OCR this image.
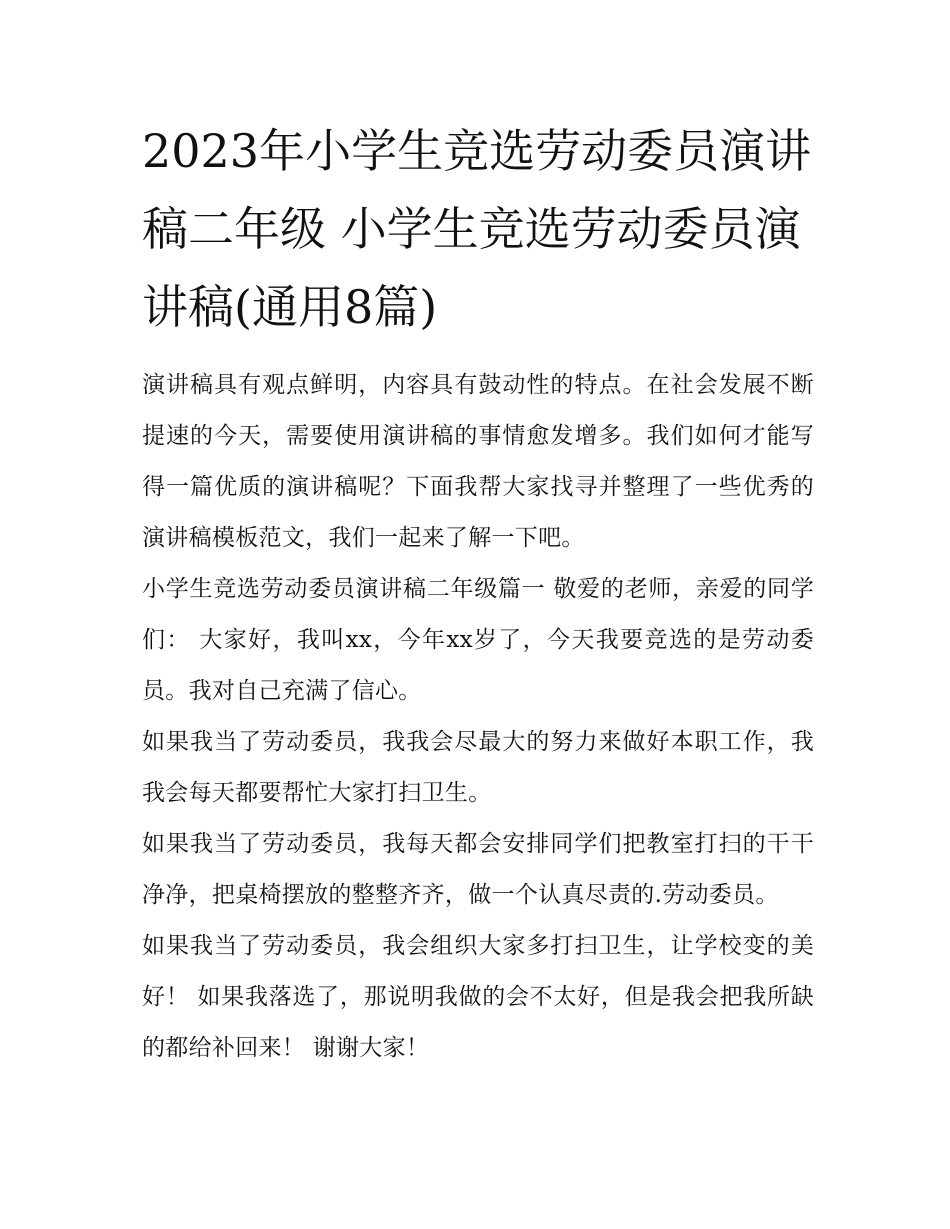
2023年小学生竞选劳动委员演讲稿二年级 小学生竞选劳动委员演讲稿(通用8篇)

演讲稿具有观点鲜明，内容具有鼓动性的特点。在社会发展不断提速的今天，需要使用演讲稿的事情愈发增多。我们如何才能写得一篇优质的演讲稿呢？下面我帮大家找寻并整理了一些优秀的演讲稿模板范文，我们一起来了解一下吧。

小学生竞选劳动委员演讲稿二年级篇一 敬爱的老师，亲爱的同学们： 大家好，我叫xx，今年xx岁了，今天我要竞选的是劳动委员。我对自己充满了信心。

如果我当了劳动委员，我我会尽最大的努力来做好本职工作，我我会每天都要帮忙大家打扫卫生。

如果我当了劳动委员，我每天都会安排同学们把教室打扫的干干净净，把桌椅摆放的整整齐齐，做一个认真尽责的.劳动委员。

如果我当了劳动委员，我会组织大家多打扫卫生，让学校变的美好！ 如果我落选了，那说明我做的会不太好，但是我会把我所缺的都给补回来！ 谢谢大家！
